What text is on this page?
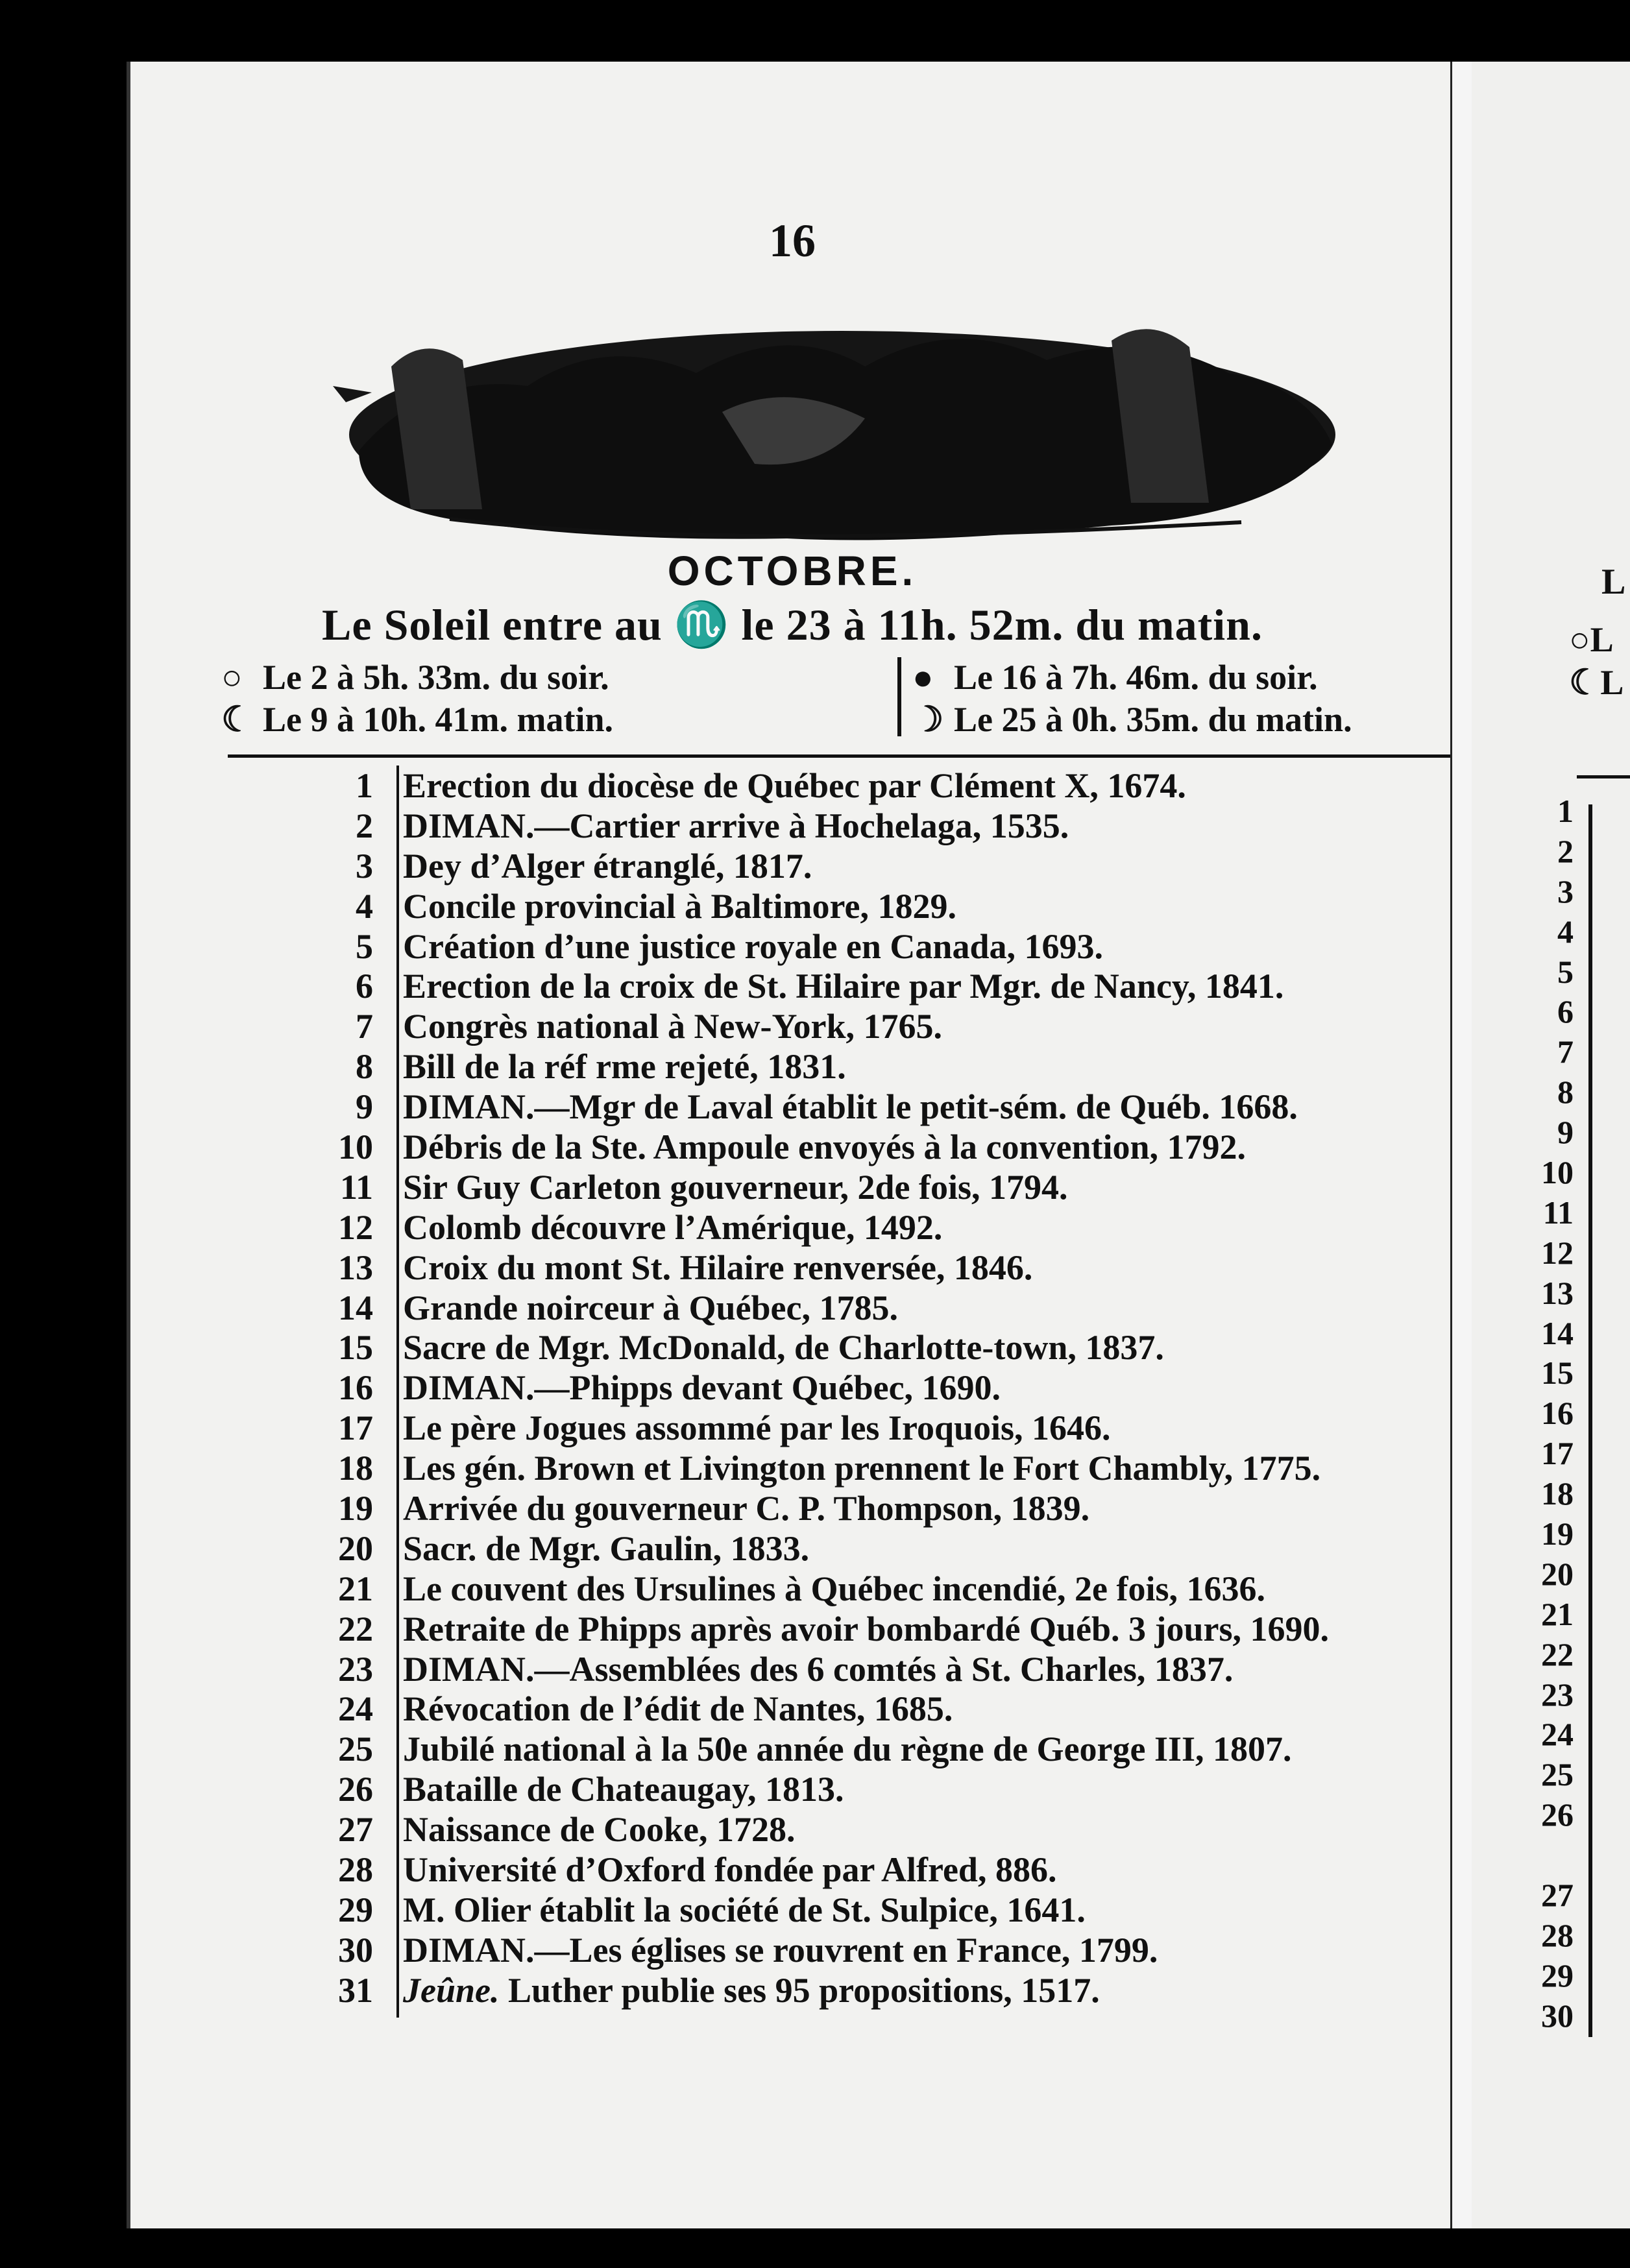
16
OCTOBRE.
Le Soleil entre au ♏ le 23 à 11h. 52m. du matin.
○ Le 2 à 5h. 33m. du soir.
☾ Le 9 à 10h. 41m. matin.
● Le 16 à 7h. 46m. du soir.
☽ Le 25 à 0h. 35m. du matin.
1 Erection du diocèse de Québec par Clément X, 1674.
2 DIMAN.—Cartier arrive à Hochelaga, 1535.
3 Dey d’Alger étranglé, 1817.
4 Concile provincial à Baltimore, 1829.
5 Création d’une justice royale en Canada, 1693.
6 Erection de la croix de St. Hilaire par Mgr. de Nancy, 1841.
7 Congrès national à New-York, 1765.
8 Bill de la réf rme rejeté, 1831.
9 DIMAN.—Mgr de Laval établit le petit-sém. de Québ. 1668.
10 Débris de la Ste. Ampoule envoyés à la convention, 1792.
11 Sir Guy Carleton gouverneur, 2de fois, 1794.
12 Colomb découvre l’Amérique, 1492.
13 Croix du mont St. Hilaire renversée, 1846.
14 Grande noirceur à Québec, 1785.
15 Sacre de Mgr. McDonald, de Charlotte-town, 1837.
16 DIMAN.—Phipps devant Québec, 1690.
17 Le père Jogues assommé par les Iroquois, 1646.
18 Les gén. Brown et Livington prennent le Fort Chambly, 1775.
19 Arrivée du gouverneur C. P. Thompson, 1839.
20 Sacr. de Mgr. Gaulin, 1833.
21 Le couvent des Ursulines à Québec incendié, 2e fois, 1636.
22 Retraite de Phipps après avoir bombardé Québ. 3 jours, 1690.
23 DIMAN.—Assemblées des 6 comtés à St. Charles, 1837.
24 Révocation de l’édit de Nantes, 1685.
25 Jubilé national à la 50e année du règne de George III, 1807.
26 Bataille de Chateaugay, 1813.
27 Naissance de Cooke, 1728.
28 Université d’Oxford fondée par Alfred, 886.
29 M. Olier établit la société de St. Sulpice, 1641.
30 DIMAN.—Les églises se rouvrent en France, 1799.
31 Jeûne. Luther publie ses 95 propositions, 1517.
L
○L
☾L
1
2
3
4
5
6
7
8
9
10
11
12
13
14
15
16
17
18
19
20
21
22
23
24
25
26
27
28
29
30
